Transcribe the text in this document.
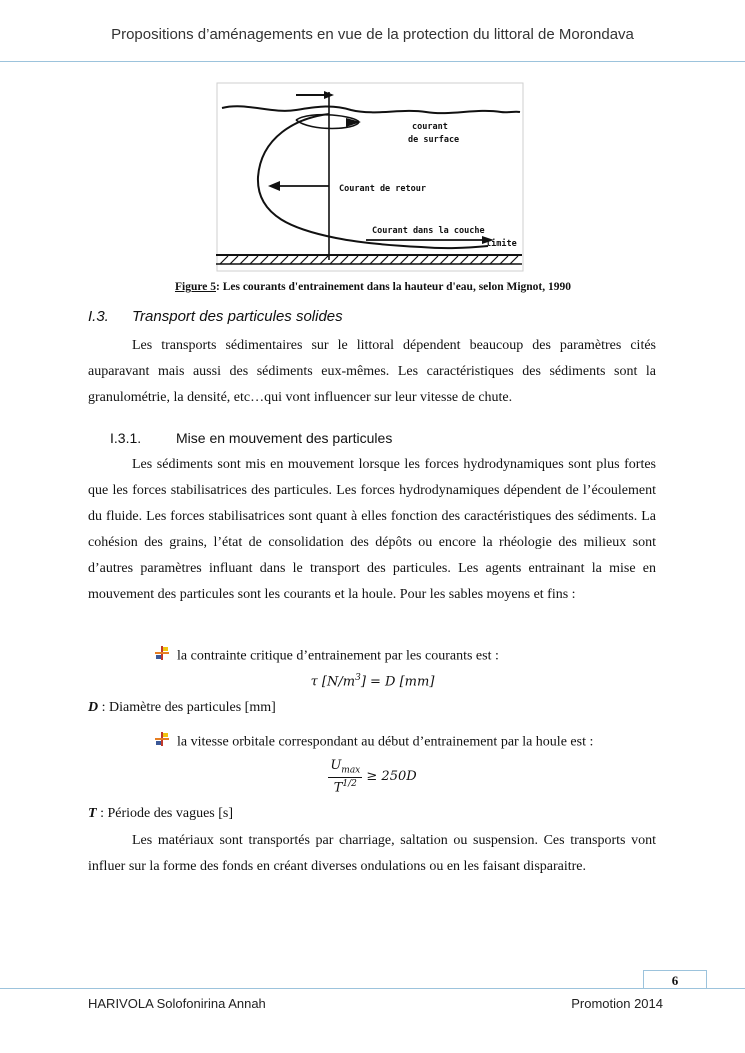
Propositions d’aménagements en vue de la protection du littoral de Morondava
courant
de surface
Courant de retour
Courant dans la couche
limite
Figure 5: Les courants d'entrainement dans la hauteur d'eau, selon Mignot, 1990
I.3. Transport des particules solides

Les transports sédimentaires sur le littoral dépendent beaucoup des paramètres cités auparavant mais aussi des sédiments eux-mêmes. Les caractéristiques des sédiments sont la granulométrie, la densité, etc…qui vont influencer sur leur vitesse de chute.

I.3.1. Mise en mouvement des particules

Les sédiments sont mis en mouvement lorsque les forces hydrodynamiques sont plus fortes que les forces stabilisatrices des particules. Les forces hydrodynamiques dépendent de l’écoulement du fluide. Les forces stabilisatrices sont quant à elles fonction des caractéristiques des sédiments. La cohésion des grains, l’état de consolidation des dépôts ou encore la rhéologie des milieux sont d’autres paramètres influant dans le transport des particules. Les agents entrainant la mise en mouvement des particules sont les courants et la houle. Pour les sables moyens et fins :

la contrainte critique d’entrainement par les courants est :
τ $[N/m^3] = D$ [mm]
D : Diamètre des particules [mm]
la vitesse orbitale correspondant au début d’entrainement par la houle est :
$\frac{U_{max}}{T^{1/2}} \ge 250D$
T : Période des vagues [s]

Les matériaux sont transportés par charriage, saltation ou suspension. Ces transports vont influer sur la forme des fonds en créant diverses ondulations ou en les faisant disparaitre.

6
HARIVOLA Solofonirina Annah	Promotion 2014
